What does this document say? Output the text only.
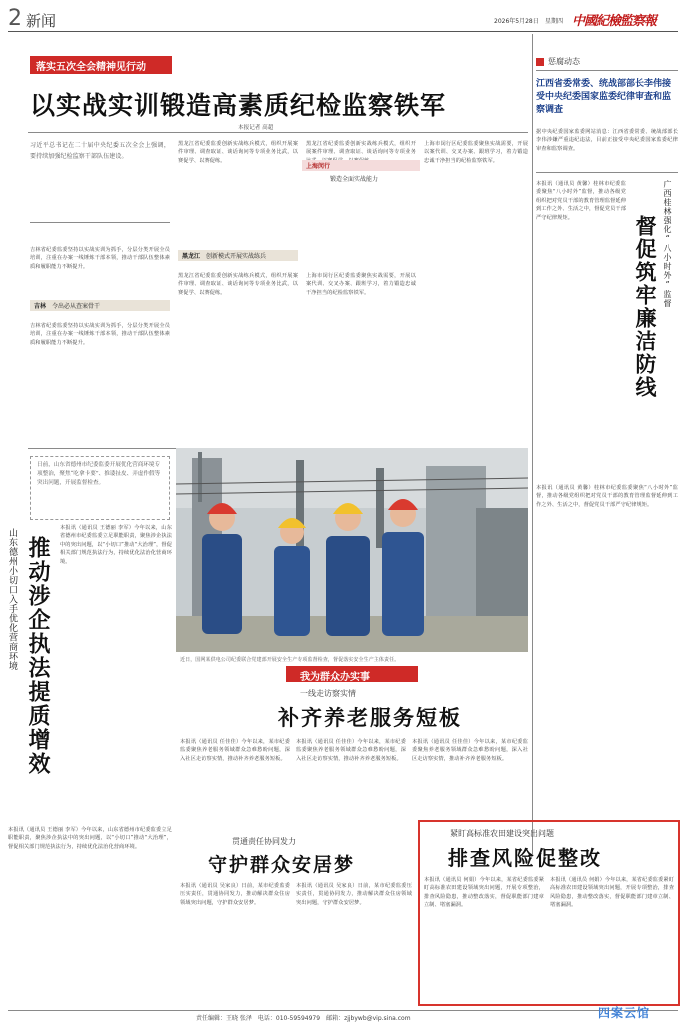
2 新闻	2026年5月28日 星期四 中國紀檢監察報
落实五次全会精神见行动
以实战实训锻造高素质纪检监察铁军
本报记者 高超
习近平总书记在二十届中央纪委五次全会上强调，要持续加强纪检监察干部队伍建设。
吉林省纪委监委坚持以实战实训为抓手，分层分类开展全员培训，注重在办案一线锤炼干部本领，推动干部队伍整体素质和履职能力不断提升。
吉林　 令出必从查案骨干
吉林省纪委监委坚持以实战实训为抓手，分层分类开展全员培训，注重在办案一线锤炼干部本领，推动干部队伍整体素质和履职能力不断提升。
黑龙江省纪委监委创新实战练兵模式，组织开展案件审理、调查取证、谈话询问等专项业务比武，以赛促学、以赛促练。
黑龙江　 创新模式开展实战练兵
黑龙江省纪委监委创新实战练兵模式，组织开展案件审理、调查取证、谈话询问等专项业务比武，以赛促学、以赛促练。
黑龙江省纪委监委创新实战练兵模式，组织开展案件审理、调查取证、谈话询问等专项业务
上海市闵行区纪委监委聚焦实战需要，开展以案代训、交叉办案、跟班学习，着力锻造忠诚干净担当的纪检监察铁军。
上海闵行
锻造全面实战能力
上海市闵行区纪委监委聚焦实战需要，开展以案代训、交叉办案、跟班学习，着力锻造忠诚干净担当的纪检监察铁军。
惩腐动态
江西省委常委、统战部部长李伟接受中央纪委国家监委纪律审查和监察调查
据中央纪委国家监委网站消息：江西省委常委、统战部部长李伟涉嫌严重违纪违法，目前正接受中央纪委国家监委纪律审查和监察调查。
广西桂林强化“八小时外”监督
督促筑牢廉洁防线
本报讯（通讯员 黄馨）桂林市纪委监委聚焦“八小时外”监督，推动各级党组织把对党员干部的教育管理监督延伸到工作之外、生活之中，督促党员干部严守纪律规矩。
本报讯（通讯员 黄馨）桂林市纪委监委聚焦“八小时外”监督，推动各级党组织把对党员干部的教育管理监督延伸到工作之外、生活之中，督促党员干部严守纪律规矩。
日前，山东省德州市纪委监委开展优化营商环境专项整治，聚焦“吃拿卡要”、推诿扯皮、弄虚作假等突出问题，开展监督检查。
山东德州小切口入手优化营商环境 推动涉企执法提质增效
本报讯（通讯员 王德丽 李军）今年以来，山东省德州市纪委监委立足职能职责，聚焦涉企执法中的突出问题，以“小切口”推动“大治理”，督促相关部门规范执法行为，持续优化法治化营商环境。
本报讯（通讯员 王德丽 李军）今年以来，山东省德州市纪委监委立足职能职责，聚焦涉企执法中的突出问题，以“小切口”推动“大治理”，督促相关部门规范执法行为，持续优化法治化营商环境。
近日，国网某供电公司纪委联合党建部开展安全生产专项监督检查，督促落实安全生产主体责任。
我为群众办实事
一线走访察实情
补齐养老服务短板
本报讯（通讯员 任佳佳）今年以来，某市纪委监委聚焦养老服务领域群众急难愁盼问题，深入社区走访察实情，推动补齐养老服务短板。
本报讯（通讯员 任佳佳）今年以来，某市纪委监委聚焦养老服务领域群众急难愁盼问题，深入社区走访察实情，推动补齐养老服务短板。
本报讯（通讯员 任佳佳）今年以来，某市纪委监委聚焦养老服务领域群众急难愁盼问题，深入社区走访察实情，推动补齐养老服务短板。
贯通责任协同发力
守护群众安居梦
本报讯（通讯员 吴家良）日前，某市纪委监委压实责任，贯通协同发力，推动解决群众住房领域突出问题，守护群众安居梦。
本报讯（通讯员 吴家良）日前，某市纪委监委压实责任，贯通协同发力，推动解决群众住房领域突出问题，守护群众安居梦。
紧盯高标准农田建设突出问题
排查风险促整改
本报讯（通讯员 何娟）今年以来，某省纪委监委紧盯高标准农田建设领域突出问题，开展专项整治，排查风险隐患，推动整改落实，督促职能部门建章立制、堵塞漏洞。
本报讯（通讯员 何娟）今年以来，某省纪委监委紧盯高标准农田建设领域突出问题，开展专项整治，排查风险隐患，推动整改落实，督促职能部门建章立制、堵塞漏洞。
责任编辑：王晓 张泽　电话：010-59594979　邮箱：zjjbywb@vip.sina.com	四案云馆
